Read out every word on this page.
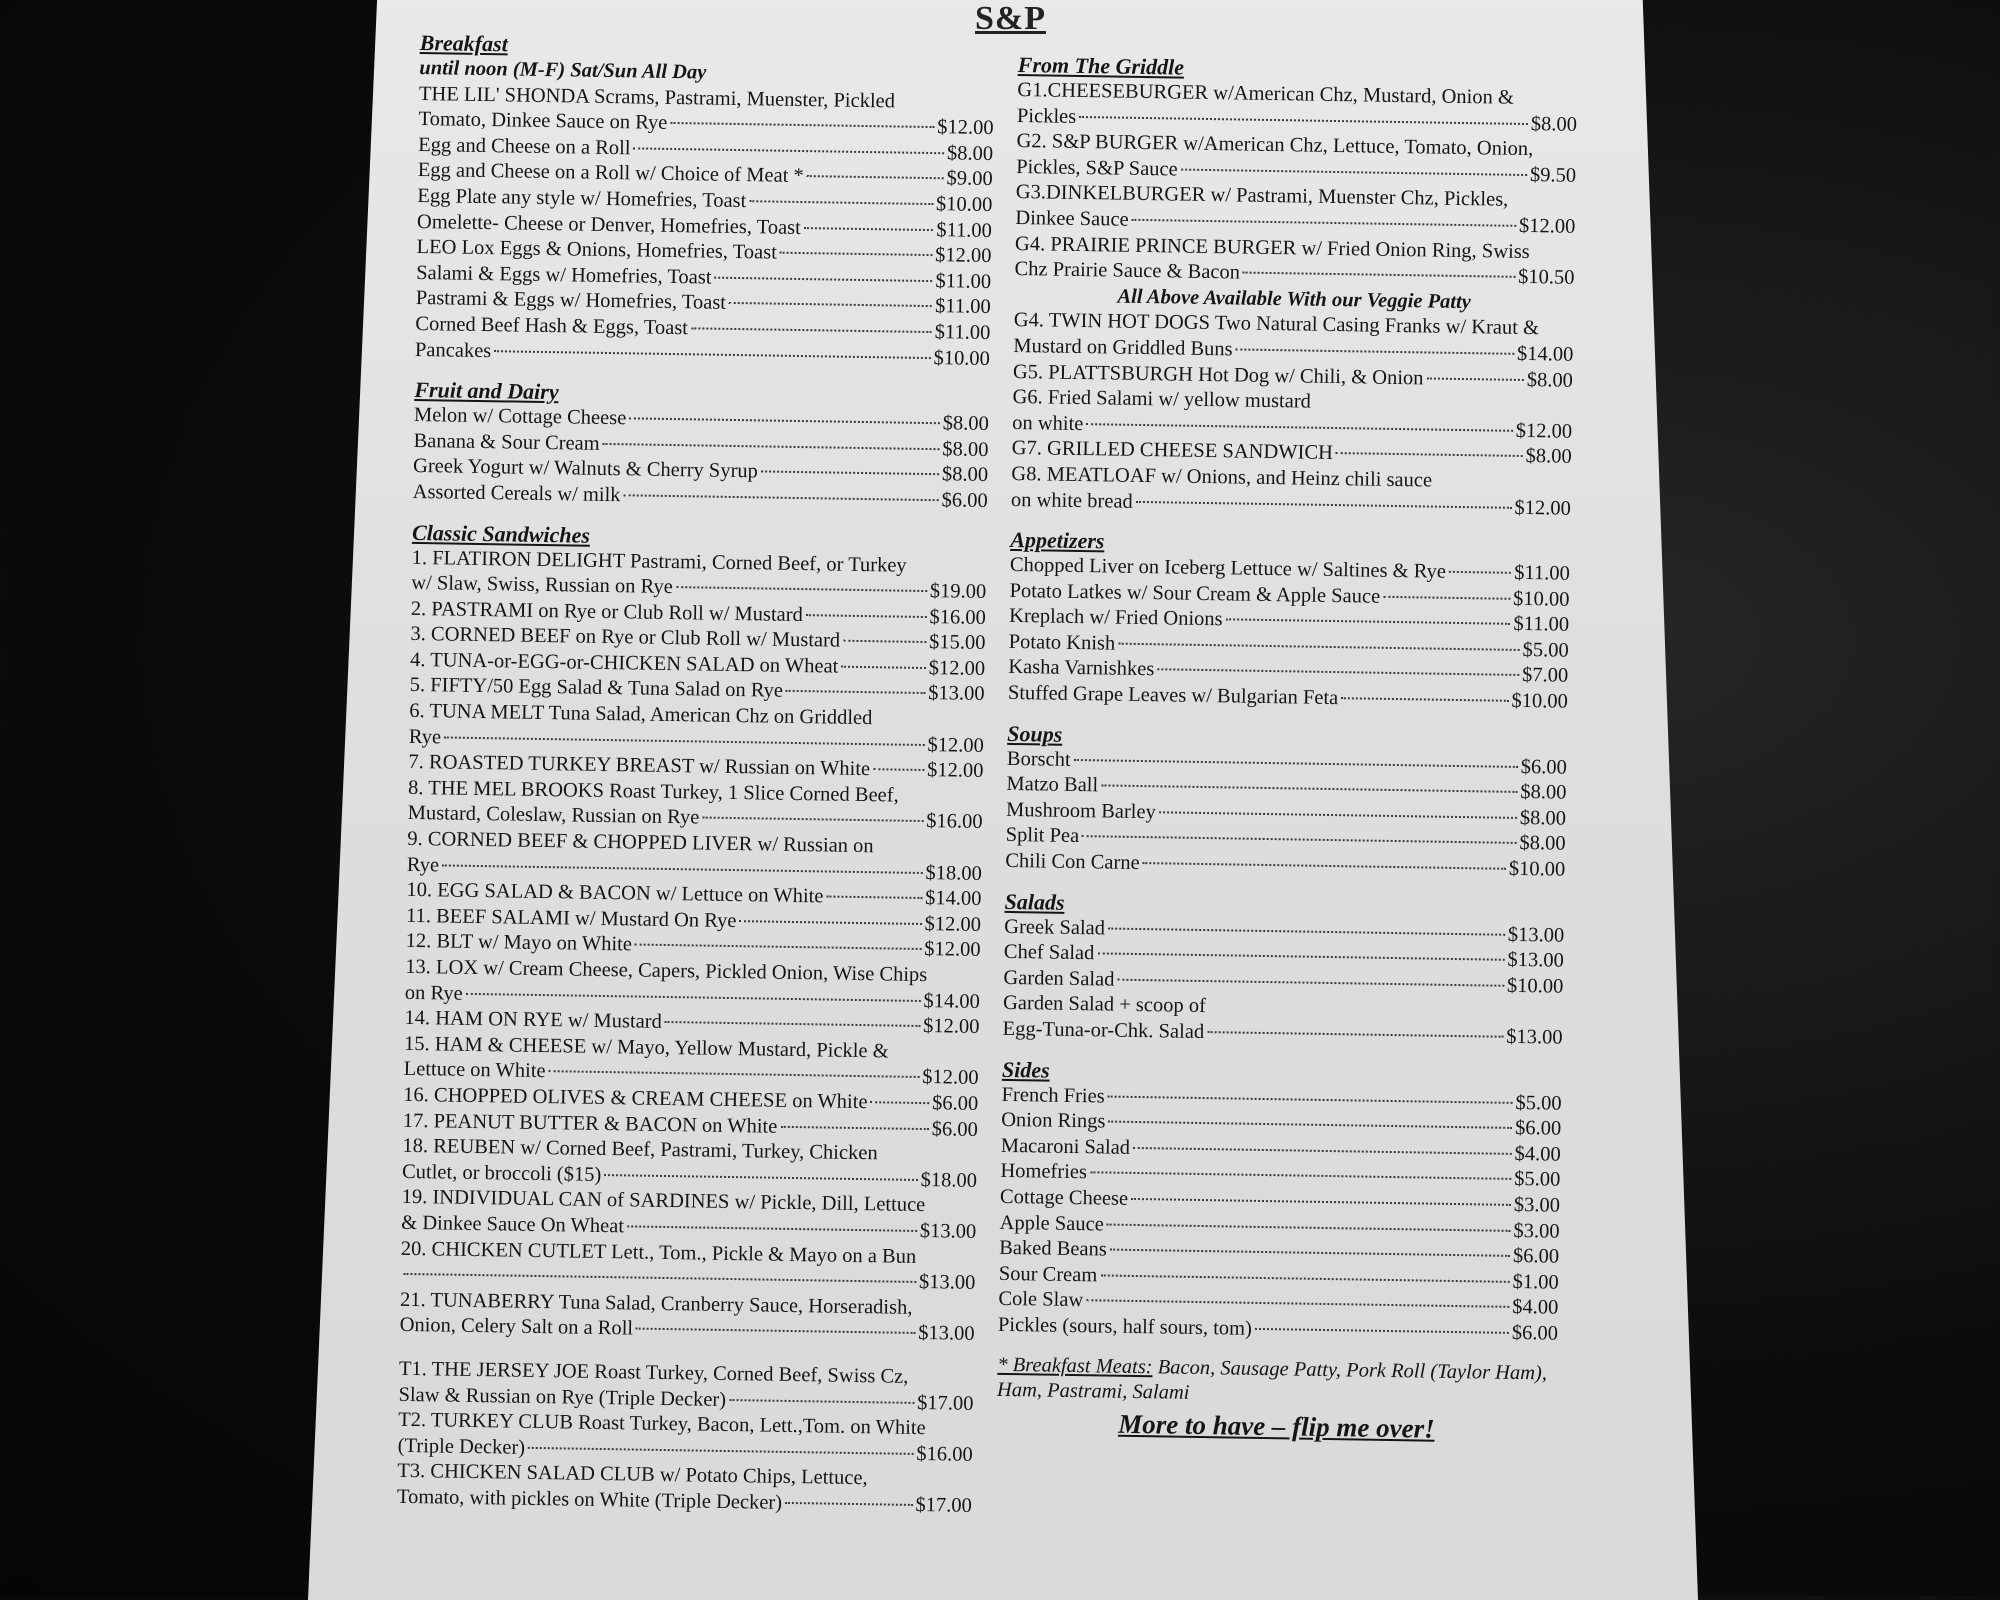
S&P
Breakfast
until noon (M-F) Sat/Sun All Day
THE LIL' SHONDA Scrams, Pastrami, Muenster, Pickled
Tomato, Dinkee Sauce on Rye	$12.00
Egg and Cheese on a Roll	$8.00
Egg and Cheese on a Roll w/ Choice of Meat *	$9.00
Egg Plate any style w/ Homefries, Toast	$10.00
Omelette- Cheese or Denver, Homefries, Toast	$11.00
LEO Lox Eggs & Onions, Homefries, Toast	$12.00
Salami & Eggs w/ Homefries, Toast	$11.00
Pastrami & Eggs w/ Homefries, Toast	$11.00
Corned Beef Hash & Eggs, Toast	$11.00
Pancakes	$10.00
Fruit and Dairy
Melon w/ Cottage Cheese	$8.00
Banana & Sour Cream	$8.00
Greek Yogurt w/ Walnuts & Cherry Syrup	$8.00
Assorted Cereals w/ milk	$6.00
Classic Sandwiches
1. FLATIRON DELIGHT Pastrami, Corned Beef, or Turkey
w/ Slaw, Swiss, Russian on Rye	$19.00
2. PASTRAMI on Rye or Club Roll w/ Mustard	$16.00
3. CORNED BEEF on Rye or Club Roll w/ Mustard	$15.00
4. TUNA-or-EGG-or-CHICKEN SALAD on Wheat	$12.00
5. FIFTY/50 Egg Salad & Tuna Salad on Rye	$13.00
6. TUNA MELT Tuna Salad, American Chz on Griddled
Rye	$12.00
7. ROASTED TURKEY BREAST w/ Russian on White	$12.00
8. THE MEL BROOKS Roast Turkey, 1 Slice Corned Beef,
Mustard, Coleslaw, Russian on Rye	$16.00
9. CORNED BEEF & CHOPPED LIVER w/ Russian on
Rye	$18.00
10. EGG SALAD & BACON w/ Lettuce on White	$14.00
11. BEEF SALAMI w/ Mustard On Rye	$12.00
12. BLT w/ Mayo on White	$12.00
13. LOX w/ Cream Cheese, Capers, Pickled Onion, Wise Chips
on Rye	$14.00
14. HAM ON RYE w/ Mustard	$12.00
15. HAM & CHEESE w/ Mayo, Yellow Mustard, Pickle &
Lettuce on White	$12.00
16. CHOPPED OLIVES & CREAM CHEESE on White	$6.00
17. PEANUT BUTTER & BACON on White	$6.00
18. REUBEN w/ Corned Beef, Pastrami, Turkey, Chicken
Cutlet, or broccoli ($15)	$18.00
19. INDIVIDUAL CAN of SARDINES w/ Pickle, Dill, Lettuce
& Dinkee Sauce On Wheat	$13.00
20. CHICKEN CUTLET Lett., Tom., Pickle & Mayo on a Bun
$13.00
21. TUNABERRY Tuna Salad, Cranberry Sauce, Horseradish,
Onion, Celery Salt on a Roll	$13.00
T1. THE JERSEY JOE Roast Turkey, Corned Beef, Swiss Cz,
Slaw & Russian on Rye (Triple Decker)	$17.00
T2. TURKEY CLUB Roast Turkey, Bacon, Lett.,Tom. on White
(Triple Decker)	$16.00
T3. CHICKEN SALAD CLUB w/ Potato Chips, Lettuce,
Tomato, with pickles on White (Triple Decker)	$17.00
From The Griddle
G1.CHEESEBURGER w/American Chz, Mustard, Onion &
Pickles	$8.00
G2. S&P BURGER w/American Chz, Lettuce, Tomato, Onion,
Pickles, S&P Sauce	$9.50
G3.DINKELBURGER w/ Pastrami, Muenster Chz, Pickles,
Dinkee Sauce	$12.00
G4. PRAIRIE PRINCE BURGER w/ Fried Onion Ring, Swiss
Chz Prairie Sauce & Bacon	$10.50
All Above Available With our Veggie Patty
G4. TWIN HOT DOGS Two Natural Casing Franks w/ Kraut &
Mustard on Griddled Buns	$14.00
G5. PLATTSBURGH Hot Dog w/ Chili, & Onion	$8.00
G6. Fried Salami w/ yellow mustard
on white	$12.00
G7. GRILLED CHEESE SANDWICH	$8.00
G8. MEATLOAF w/ Onions, and Heinz chili sauce
on white bread	$12.00
Appetizers
Chopped Liver on Iceberg Lettuce w/ Saltines & Rye	$11.00
Potato Latkes w/ Sour Cream & Apple Sauce	$10.00
Kreplach w/ Fried Onions	$11.00
Potato Knish	$5.00
Kasha Varnishkes	$7.00
Stuffed Grape Leaves w/ Bulgarian Feta	$10.00
Soups
Borscht	$6.00
Matzo Ball	$8.00
Mushroom Barley	$8.00
Split Pea	$8.00
Chili Con Carne	$10.00
Salads
Greek Salad	$13.00
Chef Salad	$13.00
Garden Salad	$10.00
Garden Salad + scoop of
Egg-Tuna-or-Chk. Salad	$13.00
Sides
French Fries	$5.00
Onion Rings	$6.00
Macaroni Salad	$4.00
Homefries	$5.00
Cottage Cheese	$3.00
Apple Sauce	$3.00
Baked Beans	$6.00
Sour Cream	$1.00
Cole Slaw	$4.00
Pickles (sours, half sours, tom)	$6.00
* Breakfast Meats: Bacon, Sausage Patty, Pork Roll (Taylor Ham), Ham, Pastrami, Salami
More to have – flip me over!
